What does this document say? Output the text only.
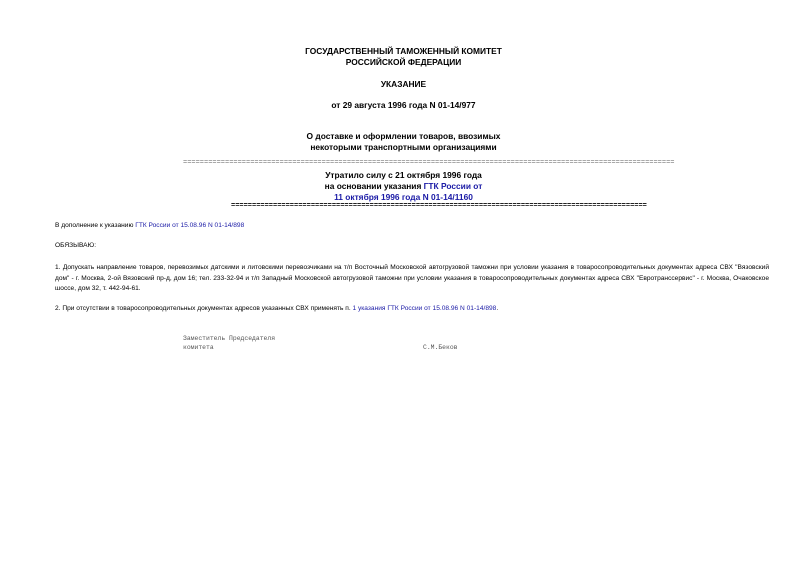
ГОСУДАРСТВЕННЫЙ ТАМОЖЕННЫЙ КОМИТЕТ
РОССИЙСКОЙ ФЕДЕРАЦИИ
УКАЗАНИЕ
от 29 августа 1996 года N 01-14/977
О доставке и оформлении товаров, ввозимых
некоторыми транспортными организациями
=====================================================================================================================
Утратило силу с 21 октября 1996 года
на основании указания ГТК России от
11 октября 1996 года N 01-14/1160
===================================================================================================
В дополнение к указанию ГТК России от 15.08.96 N 01-14/898
ОБЯЗЫВАЮ:
1. Допускать направление товаров, перевозимых датскими и литовскими перевозчиками на т/п Восточный Московской автогрузовой таможни при условии указания в товаросопроводительных документах адреса СВХ "Вязовский дом" - г. Москва, 2-ой Вязовский пр-д, дом 16; тел. 233-32-94 и т/п Западный Московской автогрузовой таможни при условии указания в товаросопроводительных документах адреса СВХ "Евротрансcервис" - г. Москва, Очаковское шоссе, дом 32, т. 442-94-61.
2. При отсутствии в товаросопроводительных документах адресов указанных СВХ применять п. 1 указания ГТК России от 15.08.96 N 01-14/898.
Заместитель Председателя
комитета	С.М.Беков
